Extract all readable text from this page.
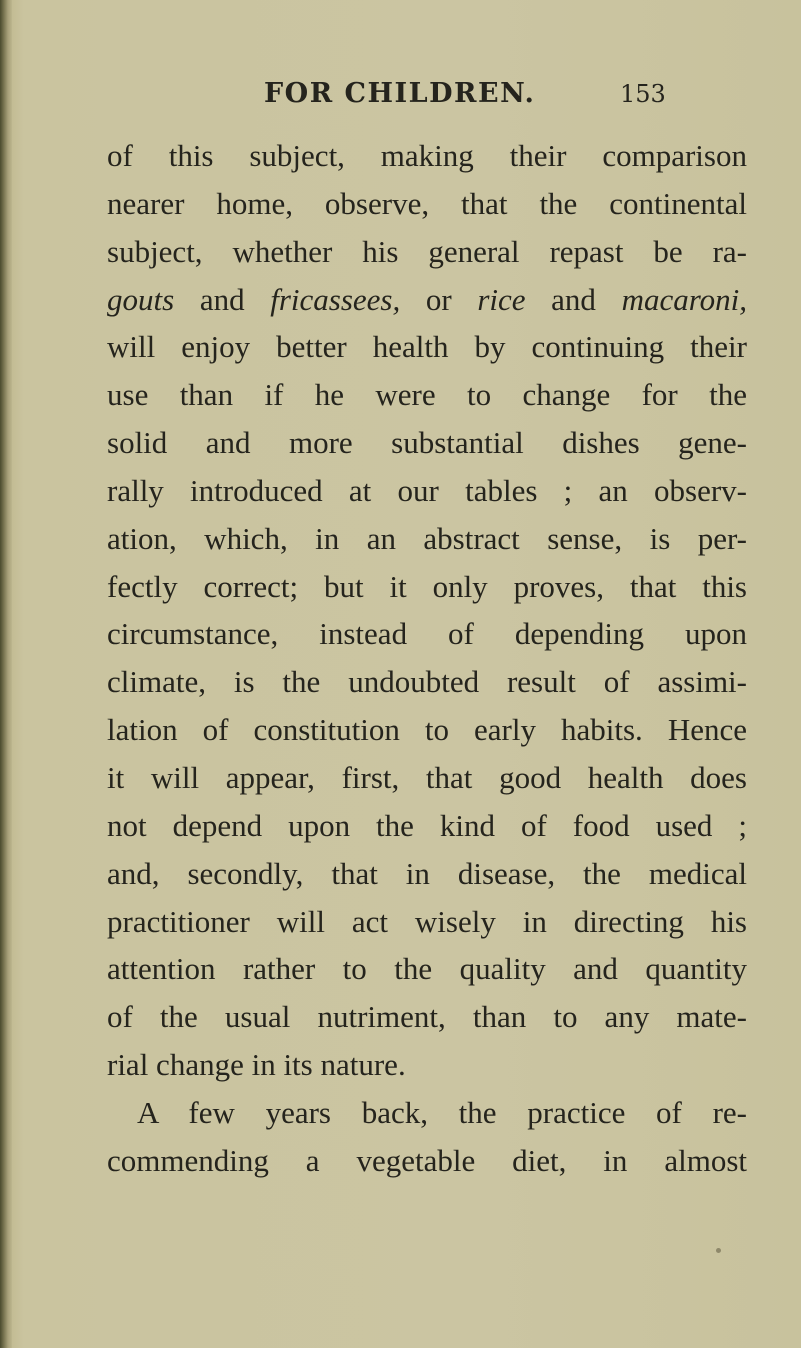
FOR CHILDREN.	153
of this subject, making their comparison
nearer home, observe, that the continental
subject, whether his general repast be ra-
gouts and fricassees, or rice and macaroni,
will enjoy better health by continuing their
use than if he were to change for the
solid and more substantial dishes gene-
rally introduced at our tables ; an observ-
ation, which, in an abstract sense, is per-
fectly correct; but it only proves, that this
circumstance, instead of depending upon
climate, is the undoubted result of assimi-
lation of constitution to early habits. Hence
it will appear, first, that good health does
not depend upon the kind of food used ;
and, secondly, that in disease, the medical
practitioner will act wisely in directing his
attention rather to the quality and quantity
of the usual nutriment, than to any mate-
rial change in its nature.
A few years back, the practice of re-
commending a vegetable diet, in almost
